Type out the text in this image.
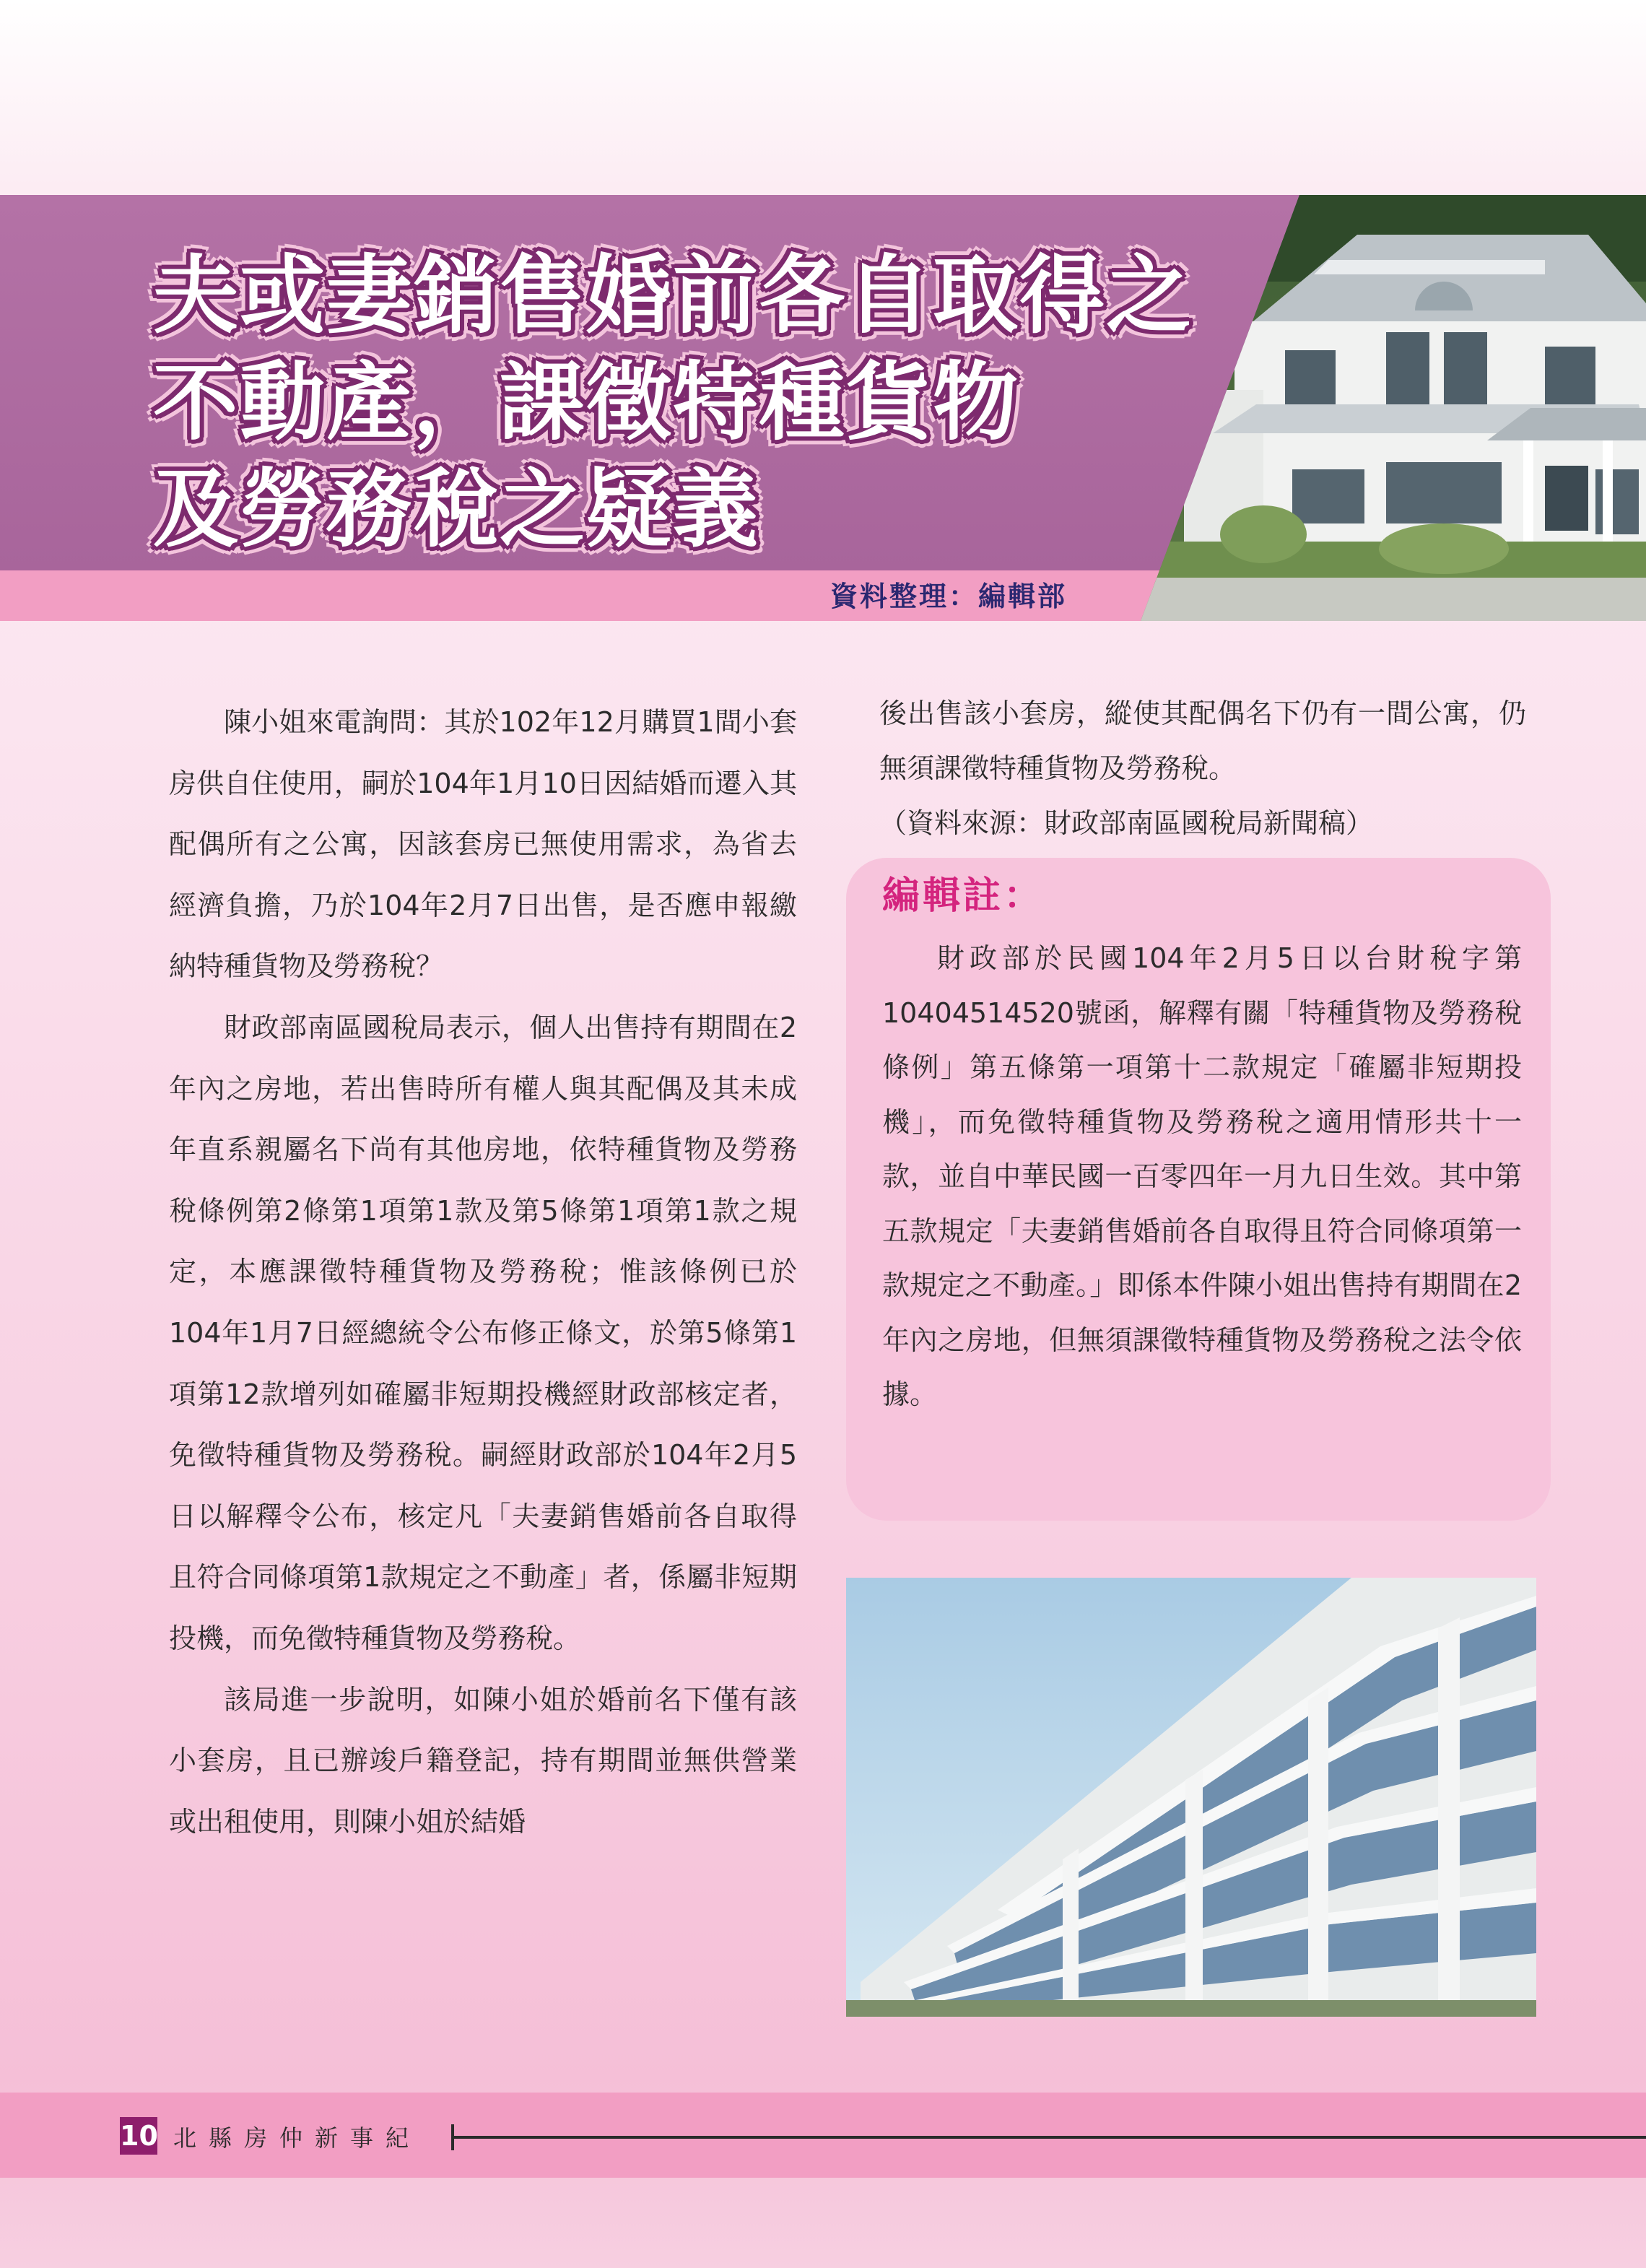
夫或妻銷售婚前各自取得之
不動產，課徵特種貨物
及勞務稅之疑義
資料整理：編輯部

陳小姐來電詢問：其於102年12月購買1間小套房供自住使用，嗣於104年1月10日因結婚而遷入其配偶所有之公寓，因該套房已無使用需求，為省去經濟負擔，乃於104年2月7日出售，是否應申報繳納特種貨物及勞務稅？

財政部南區國稅局表示，個人出售持有期間在2年內之房地，若出售時所有權人與其配偶及其未成年直系親屬名下尚有其他房地，依特種貨物及勞務稅條例第2條第1項第1款及第5條第1項第1款之規定，本應課徵特種貨物及勞務稅；惟該條例已於104年1月7日經總統令公布修正條文，於第5條第1項第12款增列如確屬非短期投機經財政部核定者，免徵特種貨物及勞務稅。嗣經財政部於104年2月5日以解釋令公布，核定凡「夫妻銷售婚前各自取得且符合同條項第1款規定之不動產」者，係屬非短期投機，而免徵特種貨物及勞務稅。

該局進一步說明，如陳小姐於婚前名下僅有該小套房，且已辦竣戶籍登記，持有期間並無供營業或出租使用，則陳小姐於結婚

後出售該小套房，縱使其配偶名下仍有一間公寓，仍無須課徵特種貨物及勞務稅。

（資料來源：財政部南區國稅局新聞稿）

編輯註：

財政部於民國104年2月5日以台財稅字第10404514520號函，解釋有關「特種貨物及勞務稅條例」第五條第一項第十二款規定「確屬非短期投機」，而免徵特種貨物及勞務稅之適用情形共十一款，並自中華民國一百零四年一月九日生效。其中第五款規定「夫妻銷售婚前各自取得且符合同條項第一款規定之不動產。」即係本件陳小姐出售持有期間在2年內之房地，但無須課徵特種貨物及勞務稅之法令依據。

10 北縣房仲新事紀
